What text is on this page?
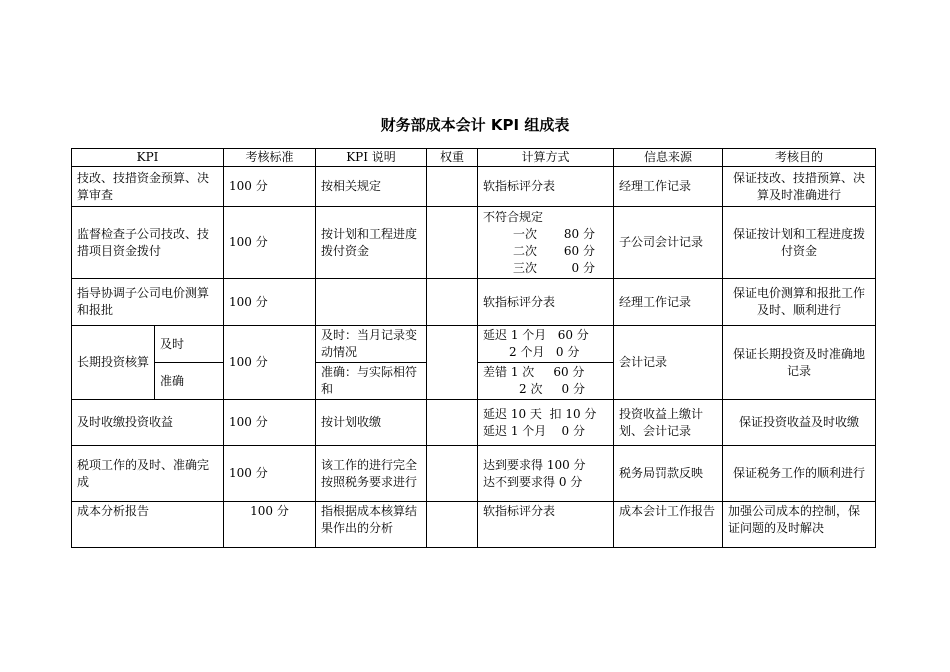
财务部成本会计 KPI 组成表
KPI		考核标准	KPI 说明	权重	计算方式	信息来源	考核目的
技改、技措资金预算、决算审查		100 分	按相关规定		软指标评分表	经理工作记录	保证技改、技措预算、决算及时准确进行
监督检查子公司技改、技措项目资金拨付		100 分	按计划和工程进度拨付资金		不符合规定
一次 80 分
二次 60 分
三次 0 分	子公司会计记录	保证按计划和工程进度拨付资金
指导协调子公司电价测算和报批		100 分			软指标评分表	经理工作记录	保证电价测算和报批工作及时、顺利进行
长期投资核算	及时	100 分	及时：当月记录变动情况		延迟 1 个月   60 分
2 个月   0 分	会计记录	保证长期投资及时准确地记录
	准确		准确：与实际相符和		差错 1 次     60 分
2 次     0 分		

及时收缴投资收益		100 分	按计划收缴		延迟 10 天  扣 10 分
延迟 1 个月    0 分	投资收益上缴计划、会计记录	保证投资收益及时收缴
税项工作的及时、准确完成		100 分	该工作的进行完全按照税务要求进行		达到要求得 100 分
达不到要求得 0 分	税务局罚款反映	保证税务工作的顺利进行
成本分析报告		100 分	指根据成本核算结果作出的分析		软指标评分表	成本会计工作报告	加强公司成本的控制，保证问题的及时解决
